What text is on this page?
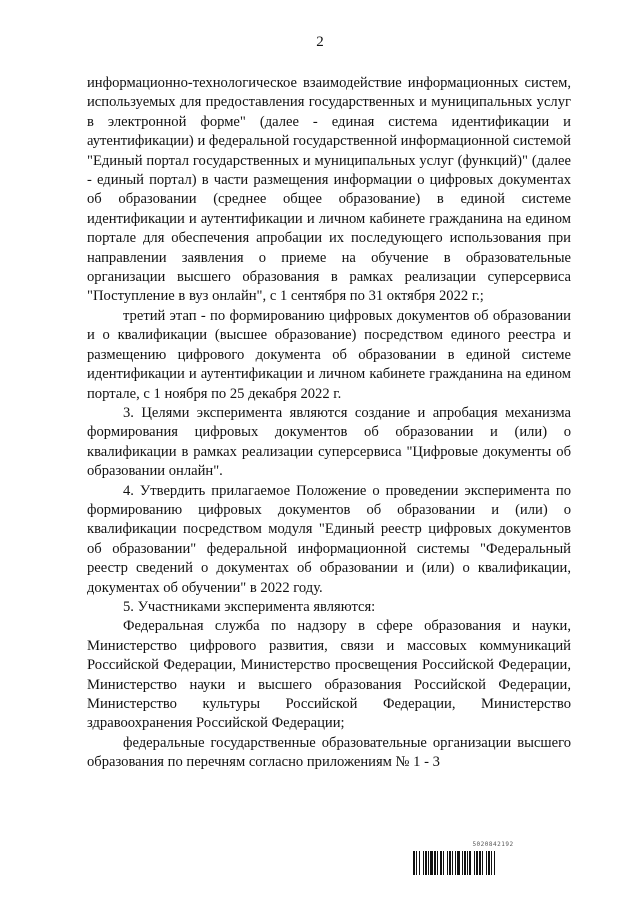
2

информационно-технологическое взаимодействие информационных систем, используемых для предоставления государственных и муниципальных услуг в электронной форме" (далее - единая система идентификации и аутентификации) и федеральной государственной информационной системой "Единый портал государственных и муниципальных услуг (функций)" (далее - единый портал) в части размещения информации о цифровых документах об образовании (среднее общее образование) в единой системе идентификации и аутентификации и личном кабинете гражданина на едином портале для обеспечения апробации их последующего использования при направлении заявления о приеме на обучение в образовательные организации высшего образования в рамках реализации суперсервиса "Поступление в вуз онлайн", с 1 сентября по 31 октября 2022 г.;

третий этап - по формированию цифровых документов об образовании и о квалификации (высшее образование) посредством единого реестра и размещению цифрового документа об образовании в единой системе идентификации и аутентификации и личном кабинете гражданина на едином портале, с 1 ноября по 25 декабря 2022 г.

3. Целями эксперимента являются создание и апробация механизма формирования цифровых документов об образовании и (или) о квалификации в рамках реализации суперсервиса "Цифровые документы об образовании онлайн".

4. Утвердить прилагаемое Положение о проведении эксперимента по формированию цифровых документов об образовании и (или) о квалификации посредством модуля "Единый реестр цифровых документов об образовании" федеральной информационной системы "Федеральный реестр сведений о документах об образовании и (или) о квалификации, документах об обучении" в 2022 году.

5. Участниками эксперимента являются:

Федеральная служба по надзору в сфере образования и науки, Министерство цифрового развития, связи и массовых коммуникаций Российской Федерации, Министерство просвещения Российской Федерации, Министерство науки и высшего образования Российской Федерации, Министерство культуры Российской Федерации, Министерство здравоохранения Российской Федерации;

федеральные государственные образовательные организации высшего образования по перечням согласно приложениям № 1 - 3

5020842192
